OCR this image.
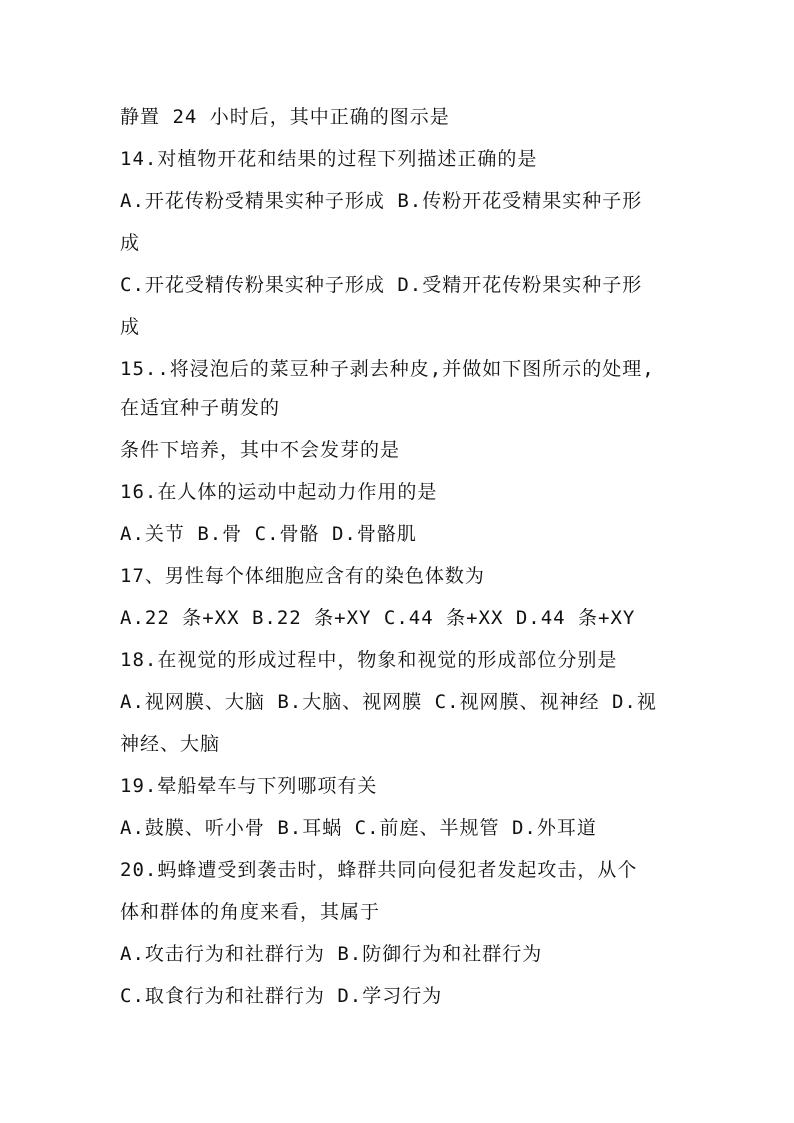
静置 24 小时后，其中正确的图示是
14.对植物开花和结果的过程下列描述正确的是
A.开花传粉受精果实种子形成 B.传粉开花受精果实种子形
成
C.开花受精传粉果实种子形成 D.受精开花传粉果实种子形
成
15..将浸泡后的菜豆种子剥去种皮,并做如下图所示的处理,
在适宜种子萌发的
条件下培养，其中不会发芽的是
16.在人体的运动中起动力作用的是
A.关节 B.骨 C.骨骼 D.骨骼肌
17、男性每个体细胞应含有的染色体数为
A.22 条+XX B.22 条+XY C.44 条+XX D.44 条+XY
18.在视觉的形成过程中，物象和视觉的形成部位分别是
A.视网膜、大脑 B.大脑、视网膜 C.视网膜、视神经 D.视
神经、大脑
19.晕船晕车与下列哪项有关
A.鼓膜、听小骨 B.耳蜗 C.前庭、半规管 D.外耳道
20.蚂蜂遭受到袭击时，蜂群共同向侵犯者发起攻击，从个
体和群体的角度来看，其属于
A.攻击行为和社群行为 B.防御行为和社群行为
C.取食行为和社群行为 D.学习行为
